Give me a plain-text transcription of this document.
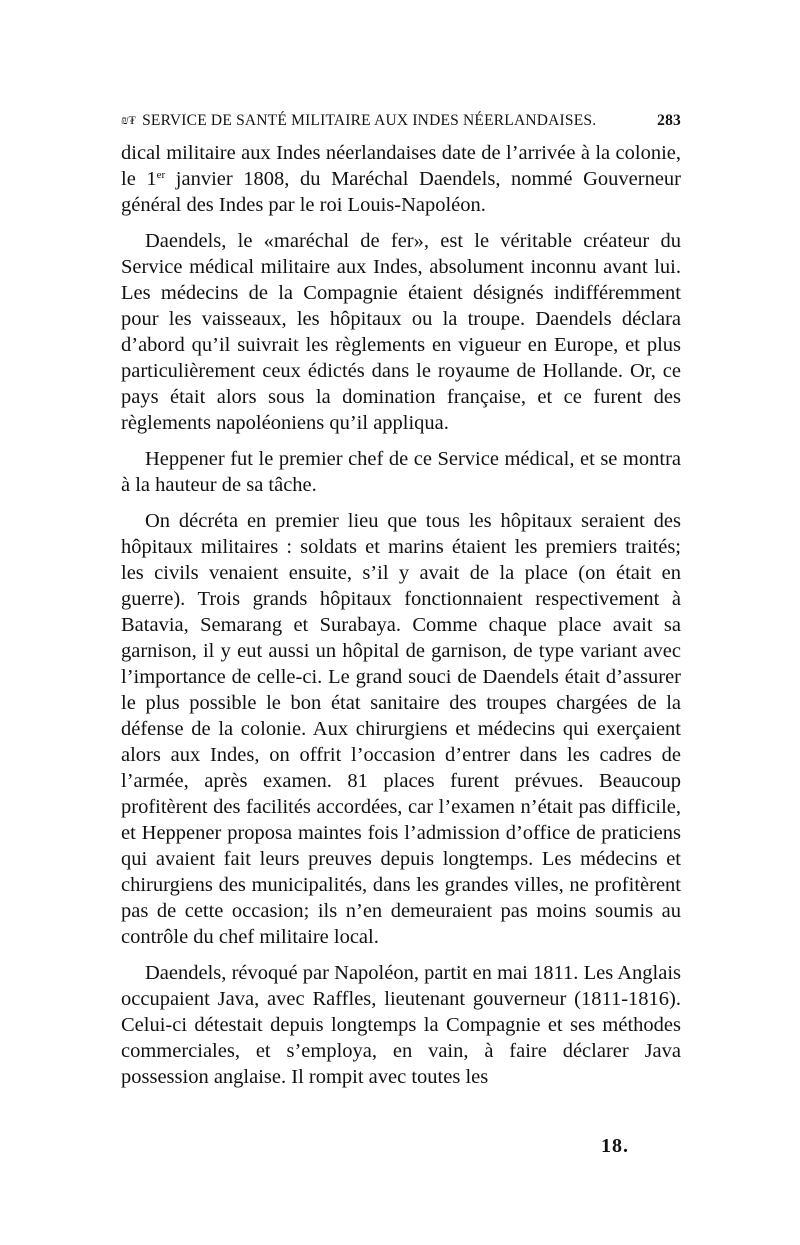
₪₮ SERVICE DE SANTÉ MILITAIRE AUX INDES NÉERLANDAISES.	283

dical militaire aux Indes néerlandaises date de l’arrivée à la colonie, le 1er janvier 1808, du Maréchal Daendels, nommé Gouverneur général des Indes par le roi Louis-Napoléon.

Daendels, le «maréchal de fer», est le véritable créateur du Service médical militaire aux Indes, absolument inconnu avant lui. Les médecins de la Compagnie étaient désignés indifféremment pour les vaisseaux, les hôpitaux ou la troupe. Daendels déclara d’abord qu’il suivrait les règlements en vigueur en Europe, et plus particulièrement ceux édictés dans le royaume de Hollande. Or, ce pays était alors sous la domination française, et ce furent des règlements napoléoniens qu’il appliqua.

Heppener fut le premier chef de ce Service médical, et se montra à la hauteur de sa tâche.

On décréta en premier lieu que tous les hôpitaux seraient des hôpitaux militaires : soldats et marins étaient les premiers traités; les civils venaient ensuite, s’il y avait de la place (on était en guerre). Trois grands hôpitaux fonctionnaient respectivement à Batavia, Semarang et Surabaya. Comme chaque place avait sa garnison, il y eut aussi un hôpital de garnison, de type variant avec l’importance de celle-ci. Le grand souci de Daendels était d’assurer le plus possible le bon état sanitaire des troupes chargées de la défense de la colonie. Aux chirurgiens et médecins qui exerçaient alors aux Indes, on offrit l’occasion d’entrer dans les cadres de l’armée, après examen. 81 places furent prévues. Beaucoup profitèrent des facilités accordées, car l’examen n’était pas difficile, et Heppener proposa maintes fois l’admission d’office de praticiens qui avaient fait leurs preuves depuis longtemps. Les médecins et chirurgiens des municipalités, dans les grandes villes, ne profitèrent pas de cette occasion; ils n’en demeuraient pas moins soumis au contrôle du chef militaire local.

Daendels, révoqué par Napoléon, partit en mai 1811. Les Anglais occupaient Java, avec Raffles, lieutenant gouverneur (1811-1816). Celui-ci détestait depuis longtemps la Compagnie et ses méthodes commerciales, et s’employa, en vain, à faire déclarer Java possession anglaise. Il rompit avec toutes les

18.
